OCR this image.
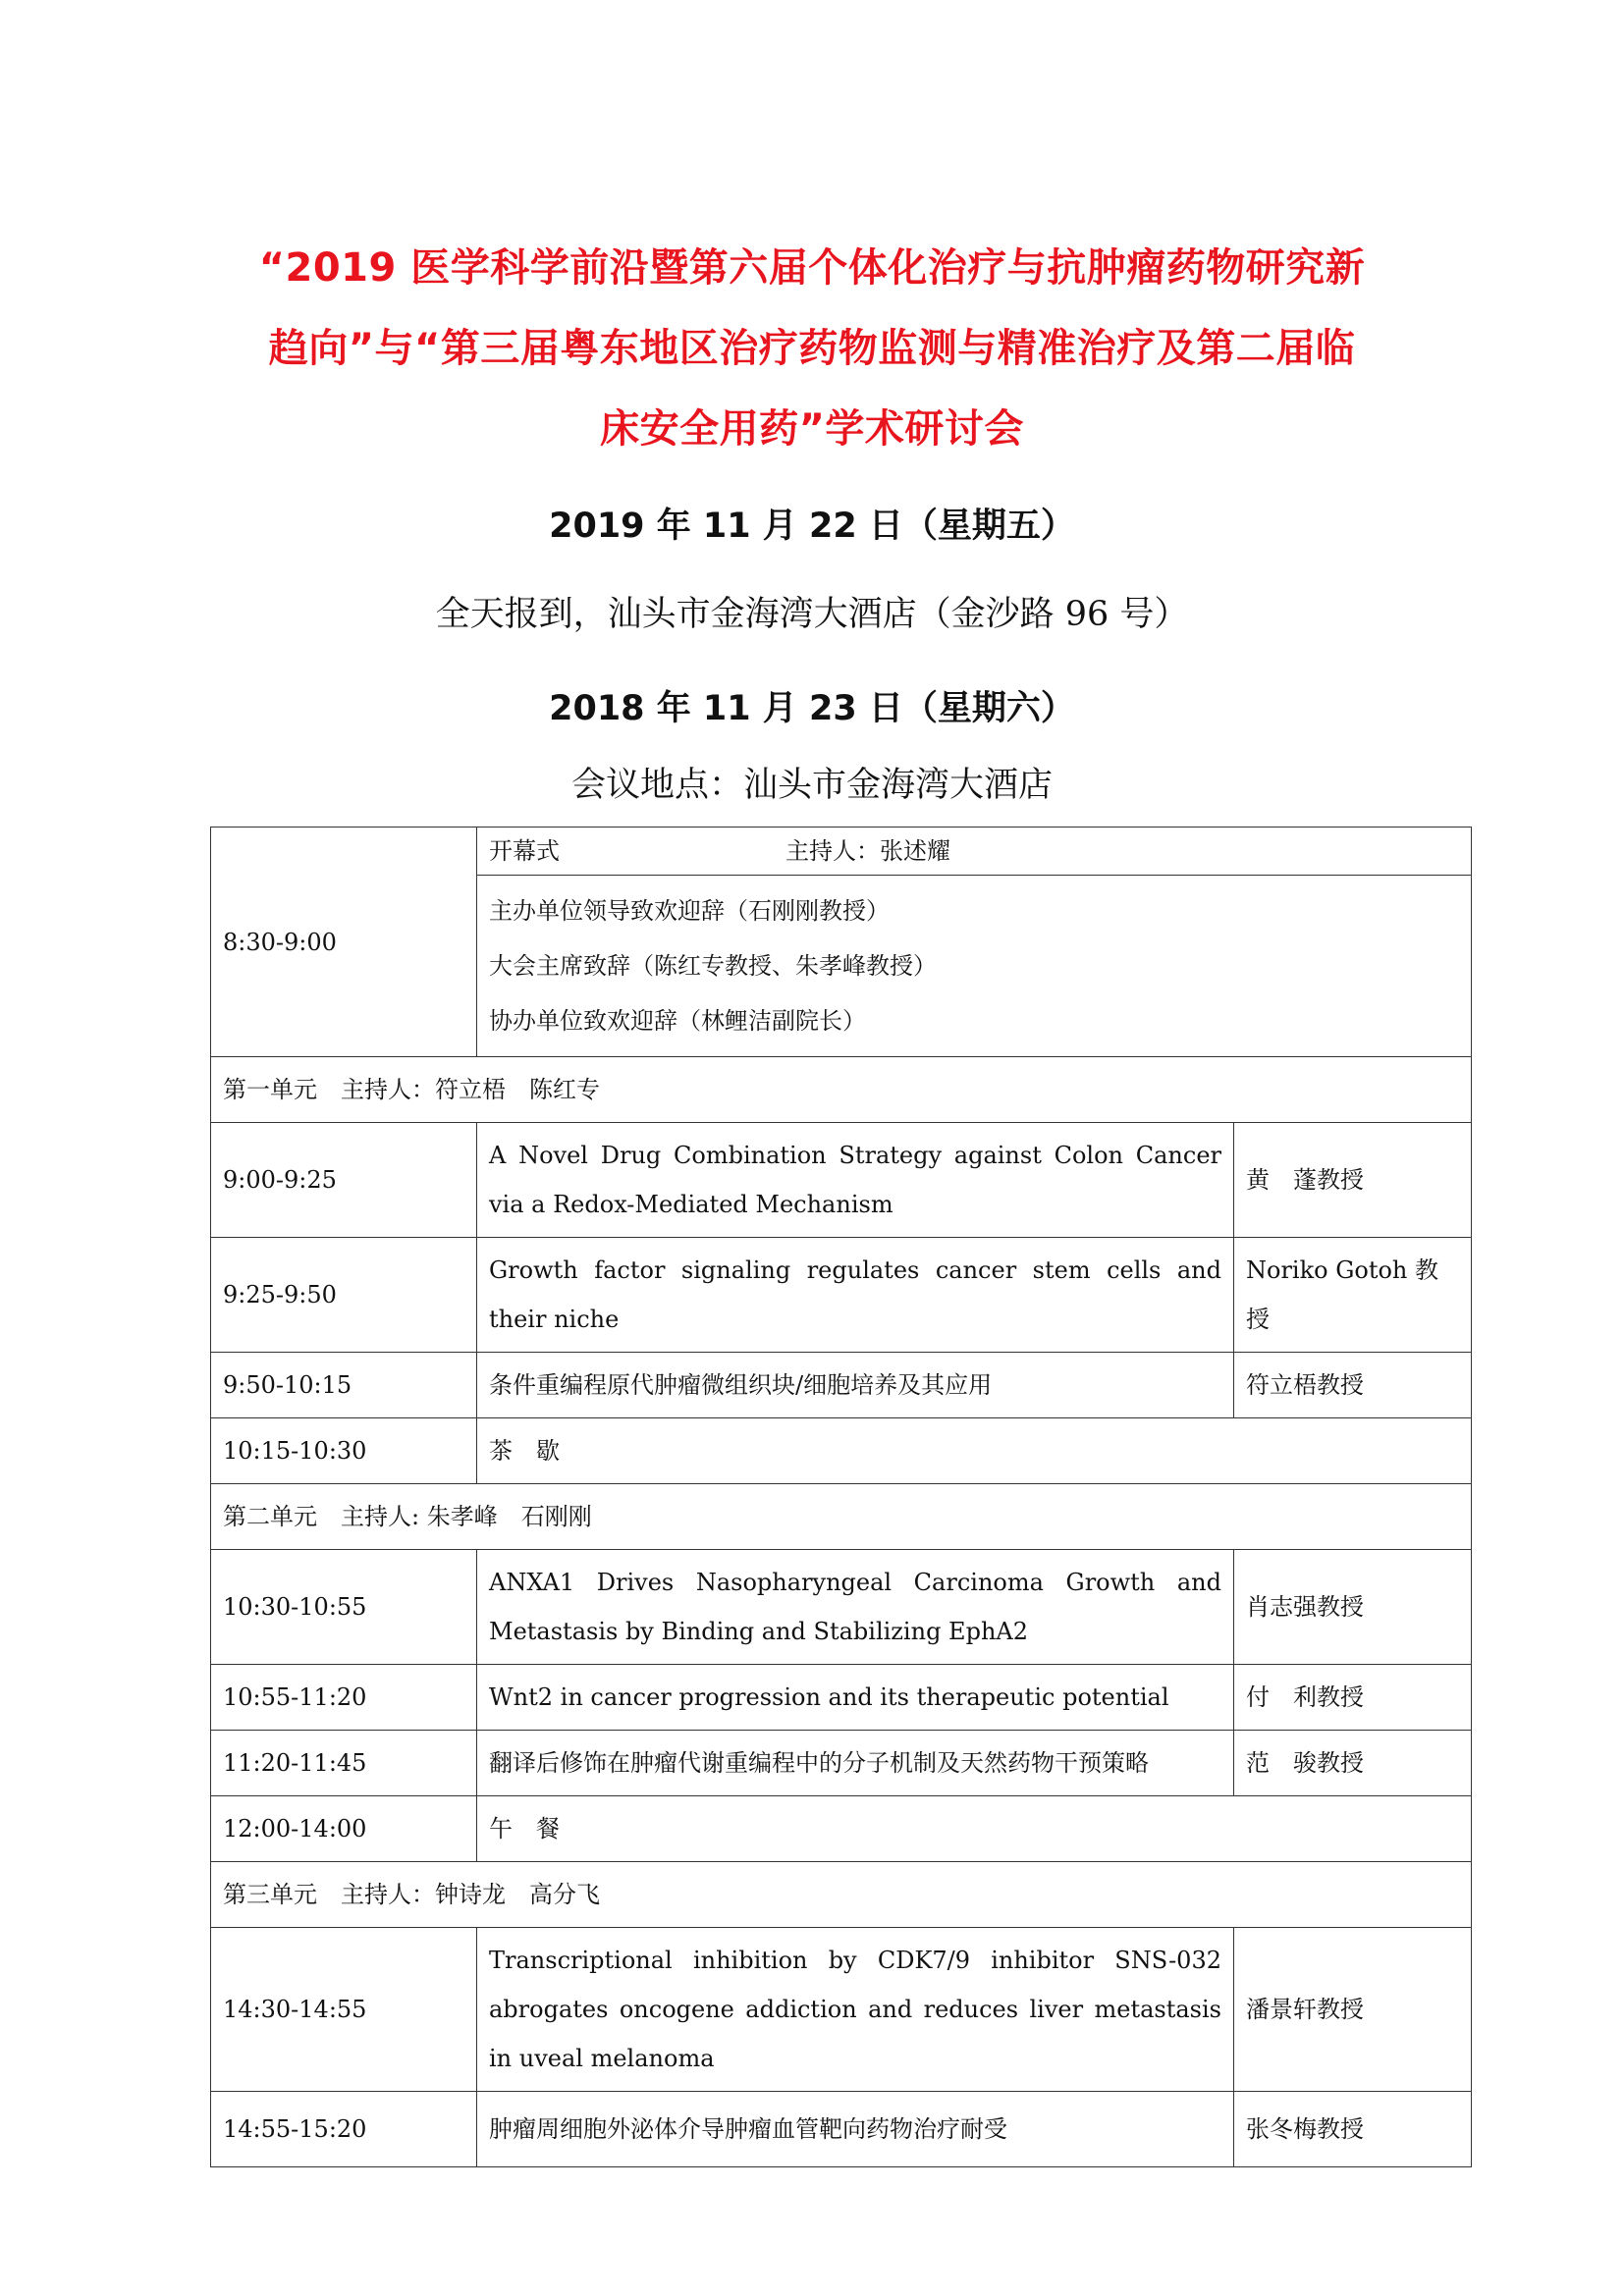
“2019 医学科学前沿暨第六届个体化治疗与抗肿瘤药物研究新
趋向”与“第三届粤东地区治疗药物监测与精准治疗及第二届临
床安全用药”学术研讨会
2019 年 11 月 22 日（星期五）
全天报到，汕头市金海湾大酒店（金沙路 96 号）
2018 年 11 月 23 日（星期六）
会议地点：汕头市金海湾大酒店
8:30-9:00	开幕式 主持人：张述耀	

	主办单位领导致欢迎辞（石刚刚教授）
大会主席致辞（陈红专教授、朱孝峰教授）
协办单位致欢迎辞（林鲤洁副院长）	

第一单元　主持人：符立梧　陈红专		
9:00-9:25	A Novel Drug Combination Strategy against Colon Cancer via a Redox-Mediated Mechanism	黄　蓬教授
9:25-9:50	Growth factor signaling regulates cancer stem cells and their niche	Noriko Gotoh 教授
9:50-10:15	条件重编程原代肿瘤微组织块/细胞培养及其应用	符立梧教授
10:15-10:30	茶　歇	
第二单元　主持人: 朱孝峰　石刚刚		
10:30-10:55	ANXA1 Drives Nasopharyngeal Carcinoma Growth and Metastasis by Binding and Stabilizing EphA2	肖志强教授
10:55-11:20	Wnt2 in cancer progression and its therapeutic potential	付　利教授
11:20-11:45	翻译后修饰在肿瘤代谢重编程中的分子机制及天然药物干预策略	范　骏教授
12:00-14:00	午　餐	
第三单元　主持人：钟诗龙　高分飞		
14:30-14:55	Transcriptional inhibition by CDK7/9 inhibitor SNS-032 abrogates oncogene addiction and reduces liver metastasis in uveal melanoma	潘景轩教授
14:55-15:20	肿瘤周细胞外泌体介导肿瘤血管靶向药物治疗耐受	张冬梅教授
